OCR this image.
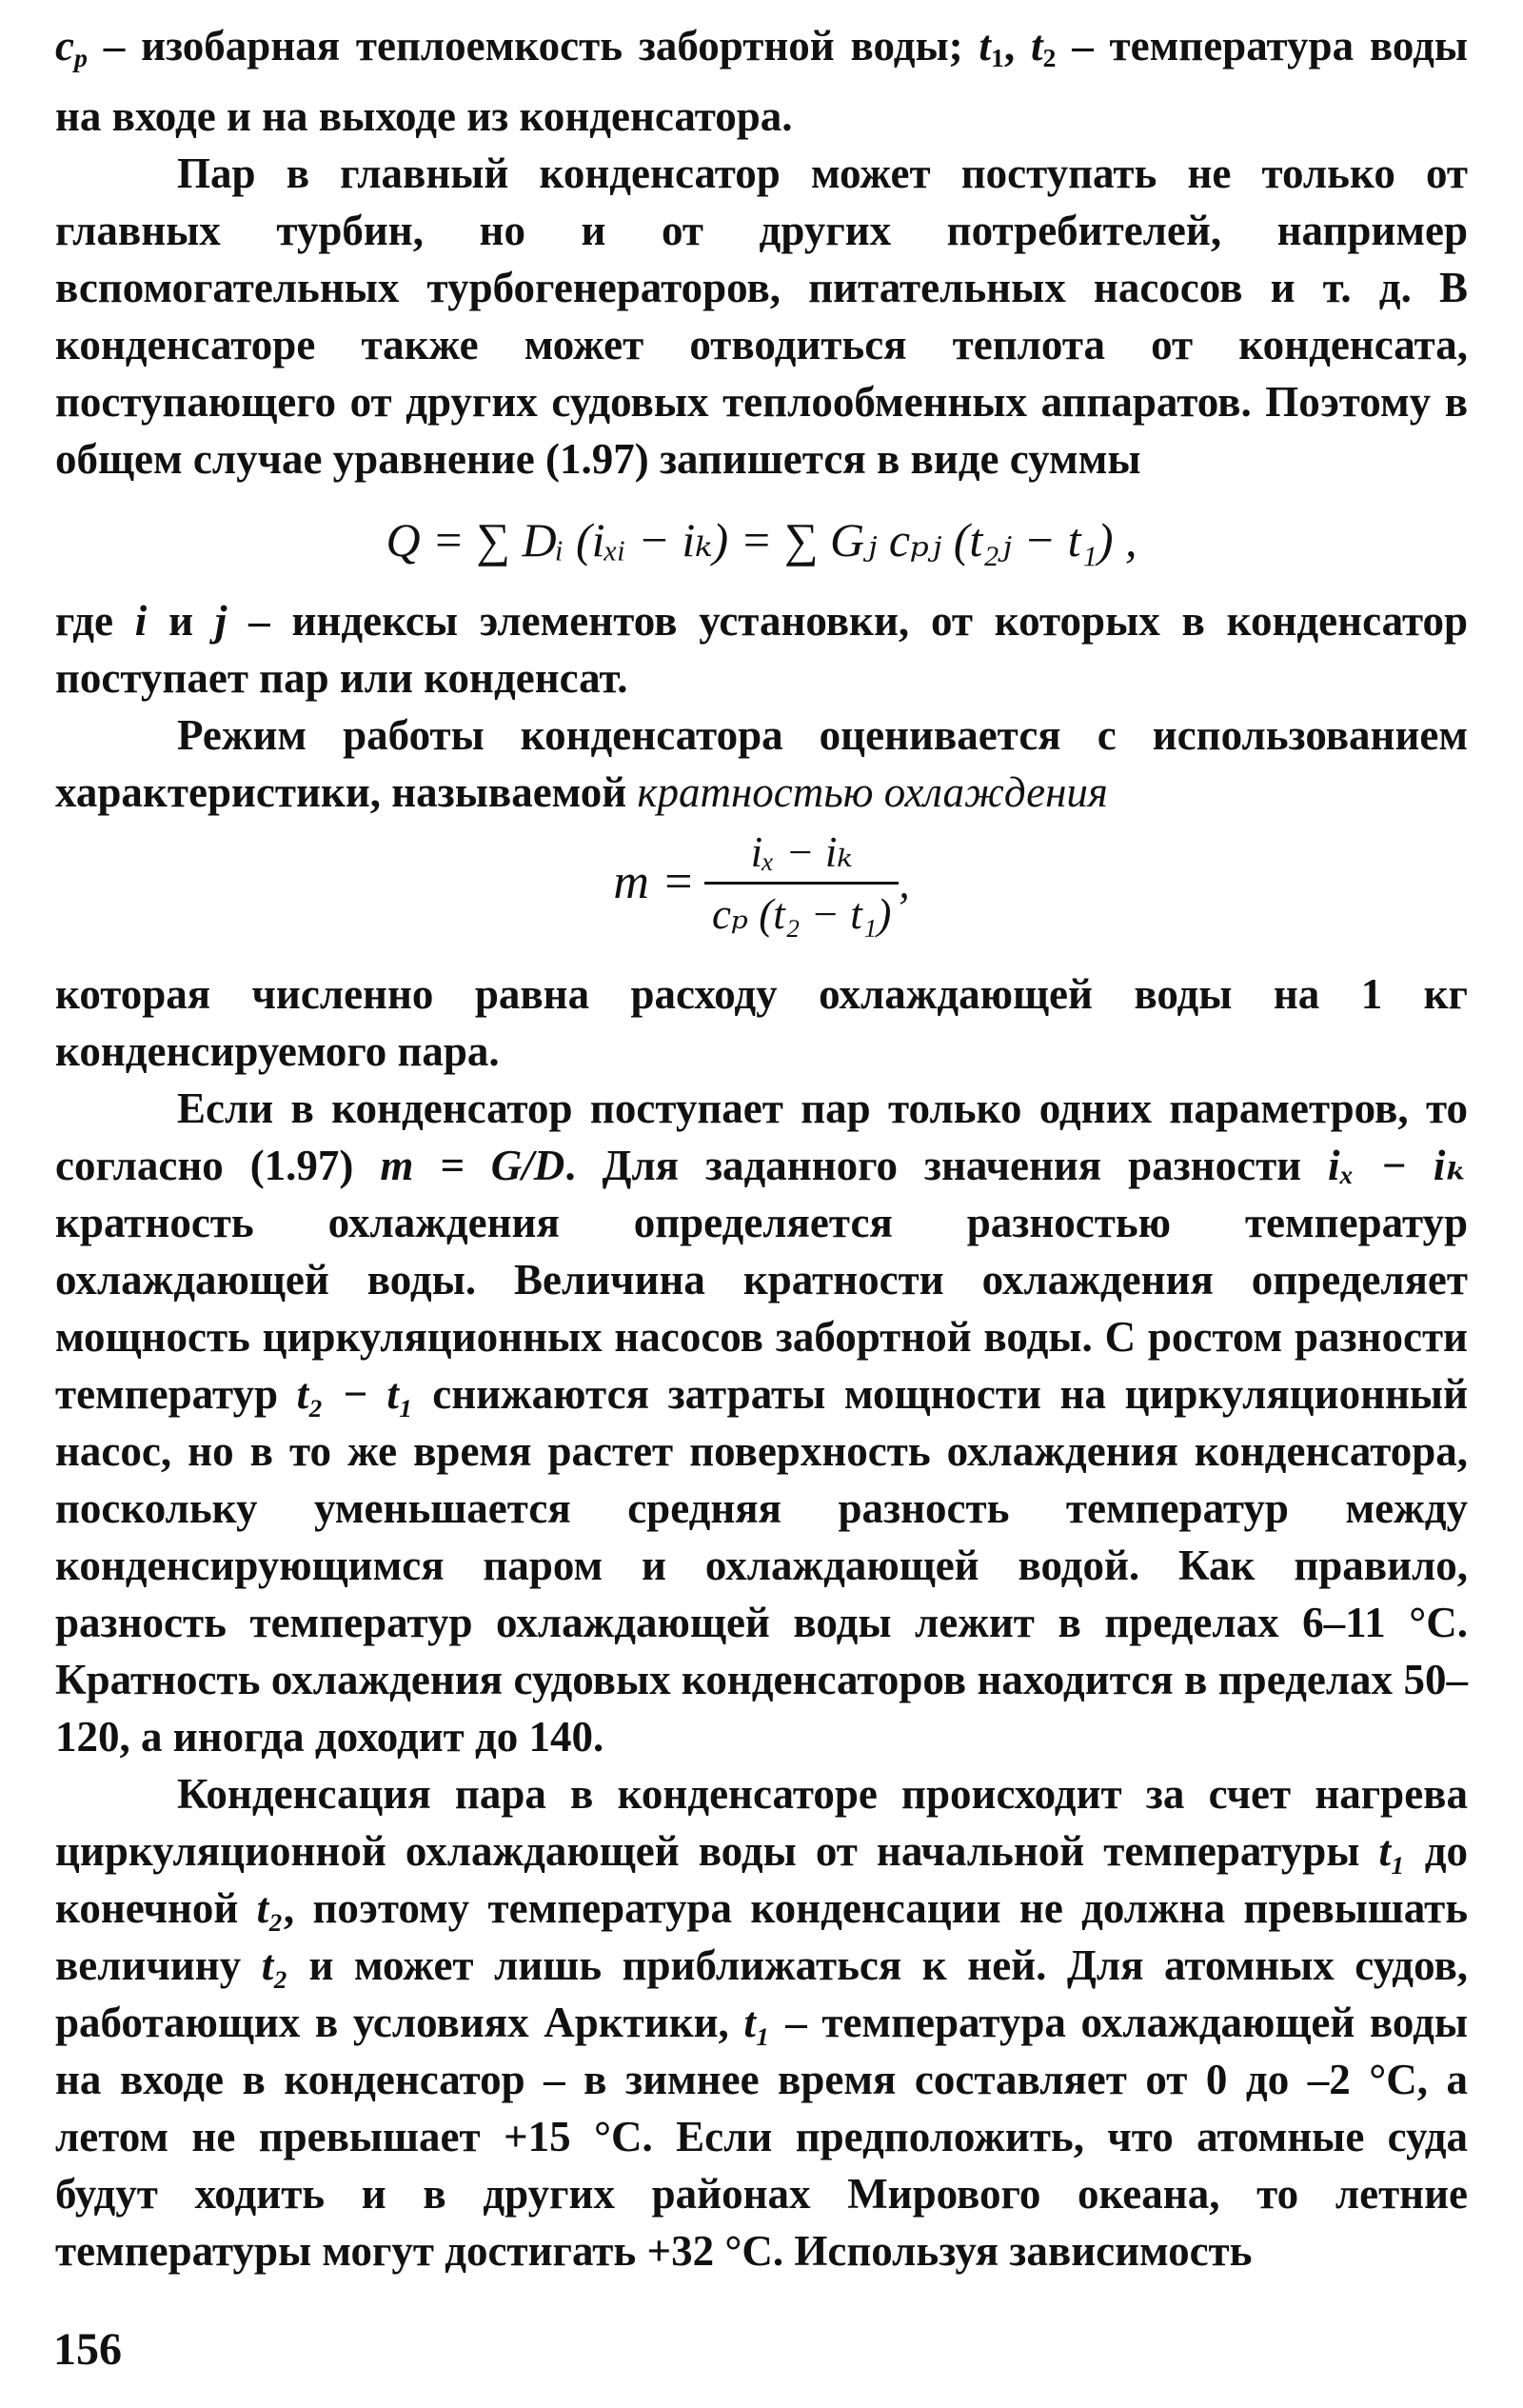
$c_p$ – изобарная теплоемкость забортной воды; $t_1$, $t_2$ – температура воды на входе и на выходе из конденсатора.

Пар в главный конденсатор может поступать не только от главных турбин, но и от других потребителей, например вспомогательных турбогенераторов, питательных насосов и т. д. В конденсаторе также может отводиться теплота от конденсата, поступающего от других судовых теплообменных аппаратов. Поэтому в общем случае уравнение (1.97) запишется в виде суммы

Q = ∑ Dᵢ (iₓᵢ − iₖ) = ∑ Gⱼ cₚⱼ (t₂ⱼ − t₁) ,

где i и j – индексы элементов установки, от которых в конденсатор поступает пар или конденсат.

Режим работы конденсатора оценивается с использованием характеристики, называемой кратностью охлаждения

$m = \frac{\text{iₓ − iₖ}}{\text{cₚ (t₂ − t₁)}}$ ,

которая численно равна расходу охлаждающей воды на 1 кг конденсируемого пара.

Если в конденсатор поступает пар только одних параметров, то согласно (1.97) m = G/D. Для заданного значения разности iₓ − iₖ кратность охлаждения определяется разностью температур охлаждающей воды. Величина кратности охлаждения определяет мощность циркуляционных насосов забортной воды. С ростом разности температур t₂ − t₁ снижаются затраты мощности на циркуляционный насос, но в то же время растет поверхность охлаждения конденсатора, поскольку уменьшается средняя разность температур между конденсирующимся паром и охлаждающей водой. Как правило, разность температур охлаждающей воды лежит в пределах 6–11 °С. Кратность охлаждения судовых конденсаторов находится в пределах 50–120, а иногда доходит до 140.

Конденсация пара в конденсаторе происходит за счет нагрева циркуляционной охлаждающей воды от начальной температуры t₁ до конечной t₂, поэтому температура конденсации не должна превышать величину t₂ и может лишь приближаться к ней. Для атомных судов, работающих в условиях Арктики, t₁ – температура охлаждающей воды на входе в конденсатор – в зимнее время составляет от 0 до –2 °С, а летом не превышает +15 °С. Если предположить, что атомные суда будут ходить и в других районах Мирового океана, то летние температуры могут достигать +32 °С. Используя зависимость

156
